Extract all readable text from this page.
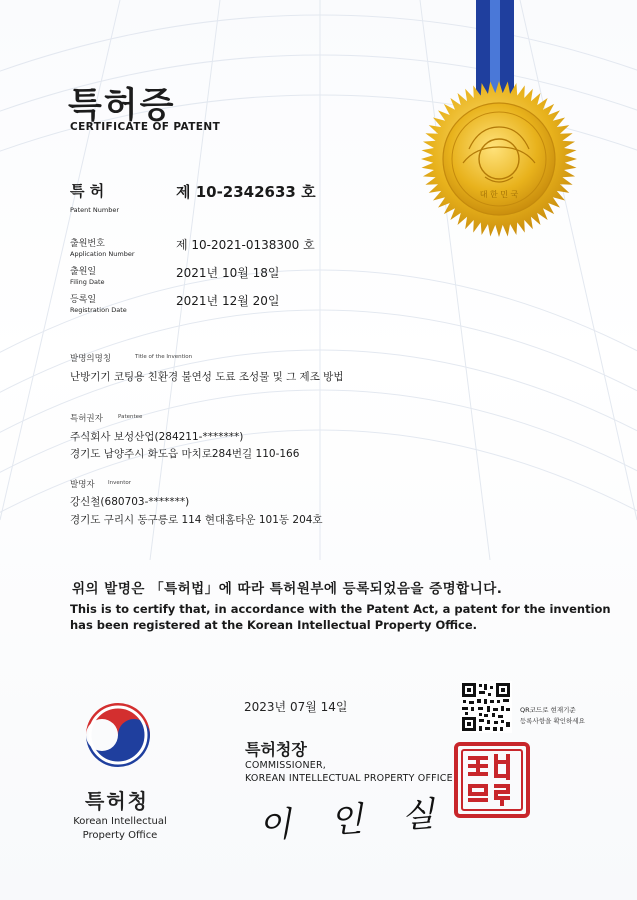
대 한 민 국
특허증
CERTIFICATE OF PATENT
특 허
Patent Number
제 10-2342633 호
출원번호
Application Number
제 10-2021-0138300 호
출원일
Filing Date
2021년 10월 18일
등록일
Registration Date
2021년 12월 20일
발명의명칭	Title of the Invention
난방기기 코팅용 친환경 불연성 도료 조성물 및 그 제조 방법
특허권자	Patentee
주식회사 보성산업(284211-*******)
경기도 남양주시 화도읍 마치로284번길 110-166
발명자 Inventor
강신철(680703-*******)
경기도 구리시 동구릉로 114 현대홈타운 101동 204호
위의 발명은 「특허법」에 따라 특허원부에 등록되었음을 증명합니다.
This is to certify that, in accordance with the Patent Act, a patent for the invention
has been registered at the Korean Intellectual Property Office.
2023년 07월 14일	QR코드로 현재기준
등록사항을 확인하세요
특허청장
COMMISSIONER,
KOREAN INTELLECTUAL PROPERTY OFFICE
이 인 실
특허청
Korean Intellectual
Property Office
